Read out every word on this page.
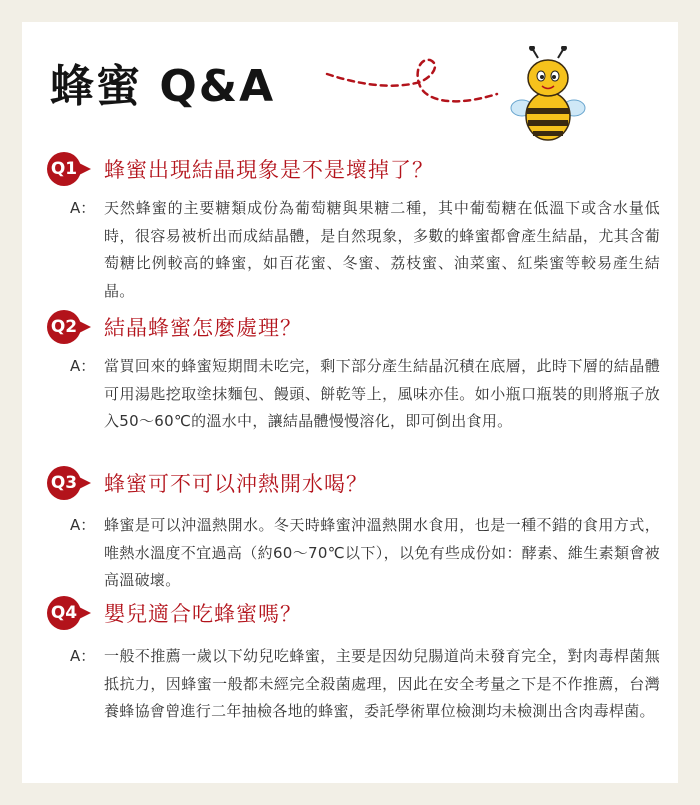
蜂蜜 Q&A
Q1 蜂蜜出現結晶現象是不是壞掉了？
A： 天然蜂蜜的主要糖類成份為葡萄糖與果糖二種，其中葡萄糖在低溫下或含水量低時，很容易被析出而成結晶體，是自然現象，多數的蜂蜜都會產生結晶，尤其含葡萄糖比例較高的蜂蜜，如百花蜜、冬蜜、荔枝蜜、油菜蜜、紅柴蜜等較易產生結晶。
Q2 結晶蜂蜜怎麼處理？
A： 當買回來的蜂蜜短期間未吃完，剩下部分產生結晶沉積在底層，此時下層的結晶體可用湯匙挖取塗抹麵包、饅頭、餅乾等上，風味亦佳。如小瓶口瓶裝的則將瓶子放入50～60℃的溫水中，讓結晶體慢慢溶化，即可倒出食用。
Q3 蜂蜜可不可以沖熱開水喝？
A： 蜂蜜是可以沖溫熱開水。冬天時蜂蜜沖溫熱開水食用，也是一種不錯的食用方式，唯熱水溫度不宜過高（約60～70℃以下），以免有些成份如：酵素、維生素類會被高溫破壞。
Q4 嬰兒適合吃蜂蜜嗎？
A： 一般不推薦一歲以下幼兒吃蜂蜜，主要是因幼兒腸道尚未發育完全，對肉毒桿菌無抵抗力，因蜂蜜一般都未經完全殺菌處理，因此在安全考量之下是不作推薦，台灣養蜂協會曾進行二年抽檢各地的蜂蜜，委託學術單位檢測均未檢測出含肉毒桿菌。
